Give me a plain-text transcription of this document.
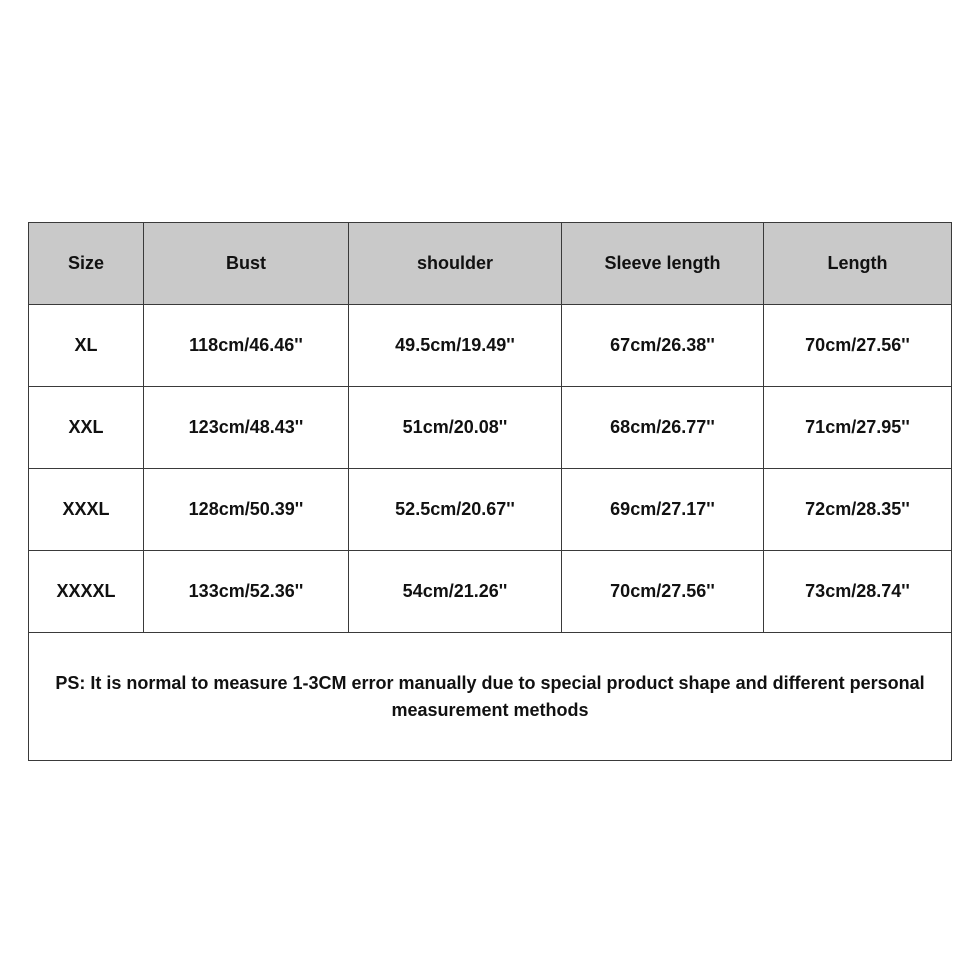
Size	Bust	shoulder	Sleeve length	Length
XL	118cm/46.46''	49.5cm/19.49''	67cm/26.38''	70cm/27.56''
XXL	123cm/48.43''	51cm/20.08''	68cm/26.77''	71cm/27.95''
XXXL	128cm/50.39''	52.5cm/20.67''	69cm/27.17''	72cm/28.35''
XXXXL	133cm/52.36''	54cm/21.26''	70cm/27.56''	73cm/28.74''
PS: It is normal to measure 1-3CM error manually due to special product shape and different personal measurement methods				
